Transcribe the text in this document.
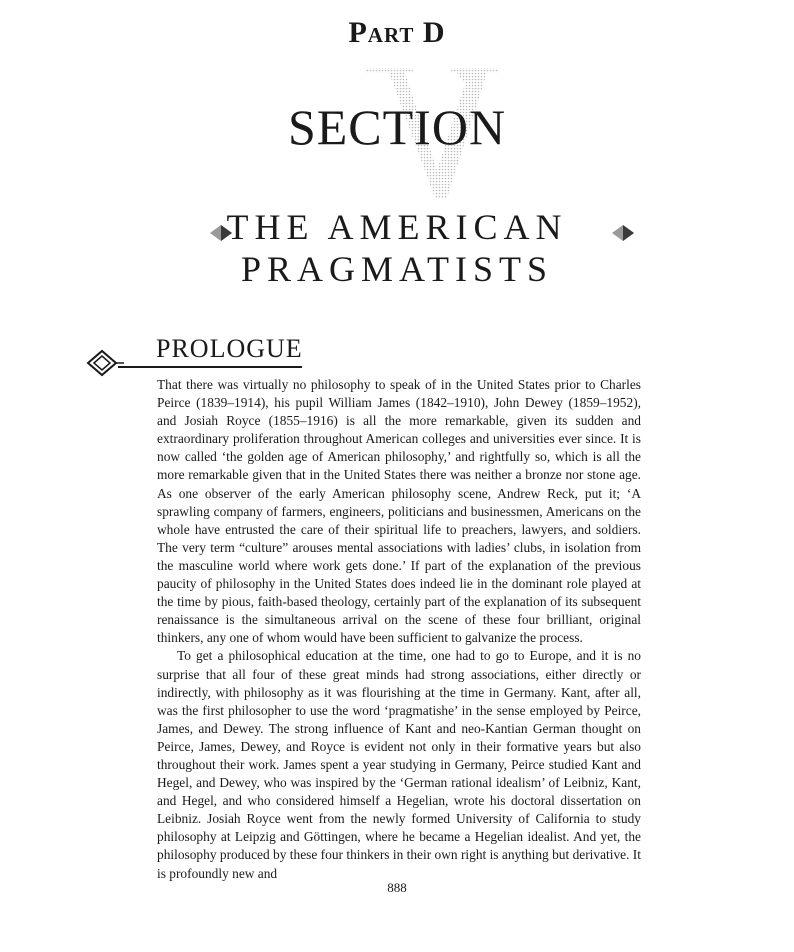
Part D
V
SECTION
THE AMERICAN
PRAGMATISTS
PROLOGUE

That there was virtually no philosophy to speak of in the United States prior to Charles Peirce (1839–1914), his pupil William James (1842–1910), John Dewey (1859–1952), and Josiah Royce (1855–1916) is all the more remarkable, given its sudden and extraordinary proliferation throughout American colleges and universities ever since. It is now called ‘the golden age of American philosophy,’ and rightfully so, which is all the more remarkable given that in the United States there was neither a bronze nor stone age. As one observer of the early American philosophy scene, Andrew Reck, put it; ‘A sprawling company of farmers, engineers, politicians and businessmen, Americans on the whole have entrusted the care of their spiritual life to preachers, lawyers, and soldiers. The very term “culture” arouses mental associations with ladies’ clubs, in isolation from the masculine world where work gets done.’ If part of the explanation of the previous paucity of philosophy in the United States does indeed lie in the dominant role played at the time by pious, faith-based theology, certainly part of the explanation of its subsequent renaissance is the simultaneous arrival on the scene of these four brilliant, original thinkers, any one of whom would have been sufficient to galvanize the process.

To get a philosophical education at the time, one had to go to Europe, and it is no surprise that all four of these great minds had strong associations, either directly or indirectly, with philosophy as it was flourishing at the time in Germany. Kant, after all, was the first philosopher to use the word ‘pragmatishe’ in the sense employed by Peirce, James, and Dewey. The strong influence of Kant and neo-Kantian German thought on Peirce, James, Dewey, and Royce is evident not only in their formative years but also throughout their work. James spent a year studying in Germany, Peirce studied Kant and Hegel, and Dewey, who was inspired by the ‘German rational idealism’ of Leibniz, Kant, and Hegel, and who considered himself a Hegelian, wrote his doctoral dissertation on Leibniz. Josiah Royce went from the newly formed University of California to study philosophy at Leipzig and Göttingen, where he became a Hegelian idealist. And yet, the philosophy produced by these four thinkers in their own right is anything but derivative. It is profoundly new and

888
